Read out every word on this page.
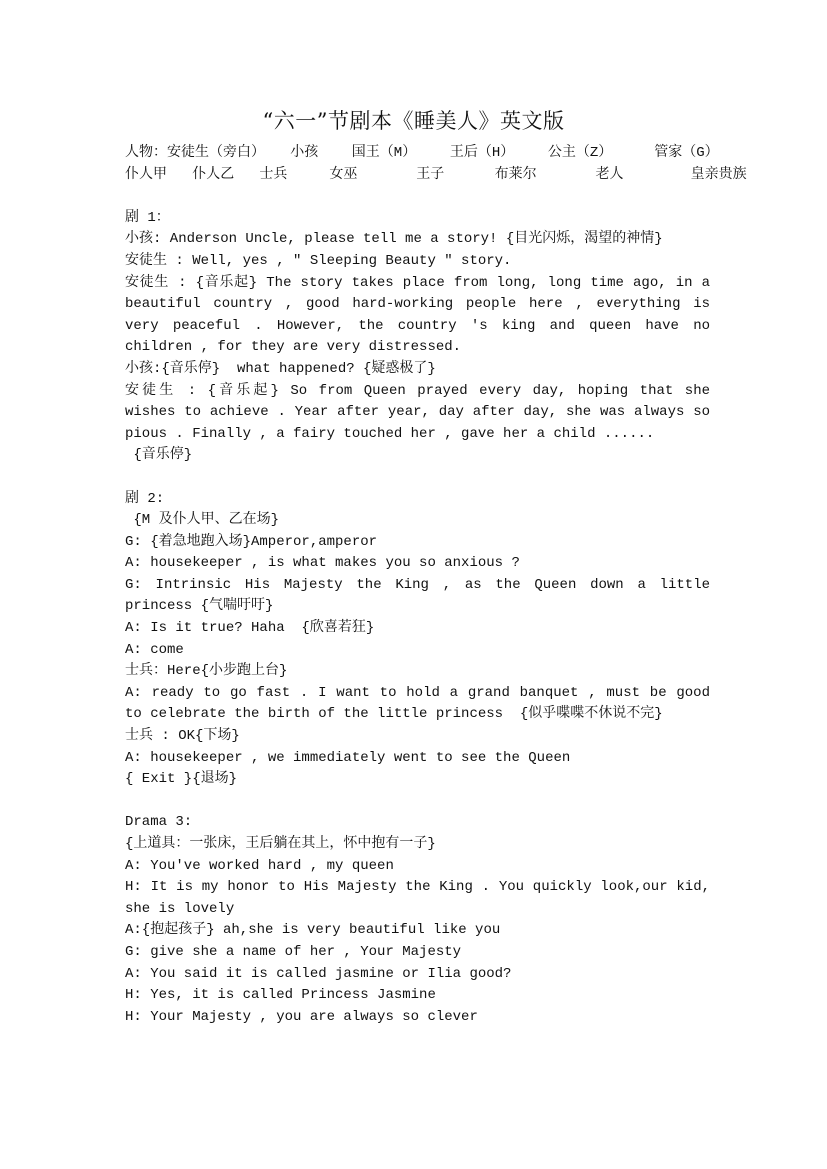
“六一”节剧本《睡美人》英文版
人物：安徒生（旁白）   小孩    国王（M）    王后（H）    公主（Z）     管家（G）
仆人甲   仆人乙   士兵     女巫       王子      布莱尔       老人        皇亲贵族
剧 1：
小孩: Anderson Uncle, please tell me a story! {目光闪烁，渴望的神情}
安徒生 : Well, yes , " Sleeping Beauty " story.
安徒生 : {音乐起} The story takes place from long, long time ago, in a beautiful country , good hard-working people here , everything is very peaceful . However, the country 's king and queen have no children , for they are very distressed.
小孩:{音乐停}  what happened? {疑惑极了}
安徒生 : {音乐起} So from Queen prayed every day, hoping that she wishes to achieve . Year after year, day after day, she was always so pious . Finally , a fairy touched her , gave her a child ......
{音乐停}
剧 2:
{M 及仆人甲、乙在场}
G: {着急地跑入场}Amperor,amperor
A: housekeeper , is what makes you so anxious ?
G: Intrinsic His Majesty the King , as the Queen down a little princess {气喘吁吁}
A: Is it true? Haha  {欣喜若狂}
A: come
士兵：Here{小步跑上台}
A: ready to go fast . I want to hold a grand banquet , must be good to celebrate the birth of the little princess  {似乎喋喋不休说不完}
士兵 : OK{下场}
A: housekeeper , we immediately went to see the Queen
{ Exit }{退场}
Drama 3:
{上道具：一张床，王后躺在其上，怀中抱有一子}
A: You've worked hard , my queen
H: It is my honor to His Majesty the King . You quickly look,our kid, she is lovely
A:{抱起孩子} ah,she is very beautiful like you
G: give she a name of her , Your Majesty
A: You said it is called jasmine or Ilia good?
H: Yes, it is called Princess Jasmine
H: Your Majesty , you are always so clever
